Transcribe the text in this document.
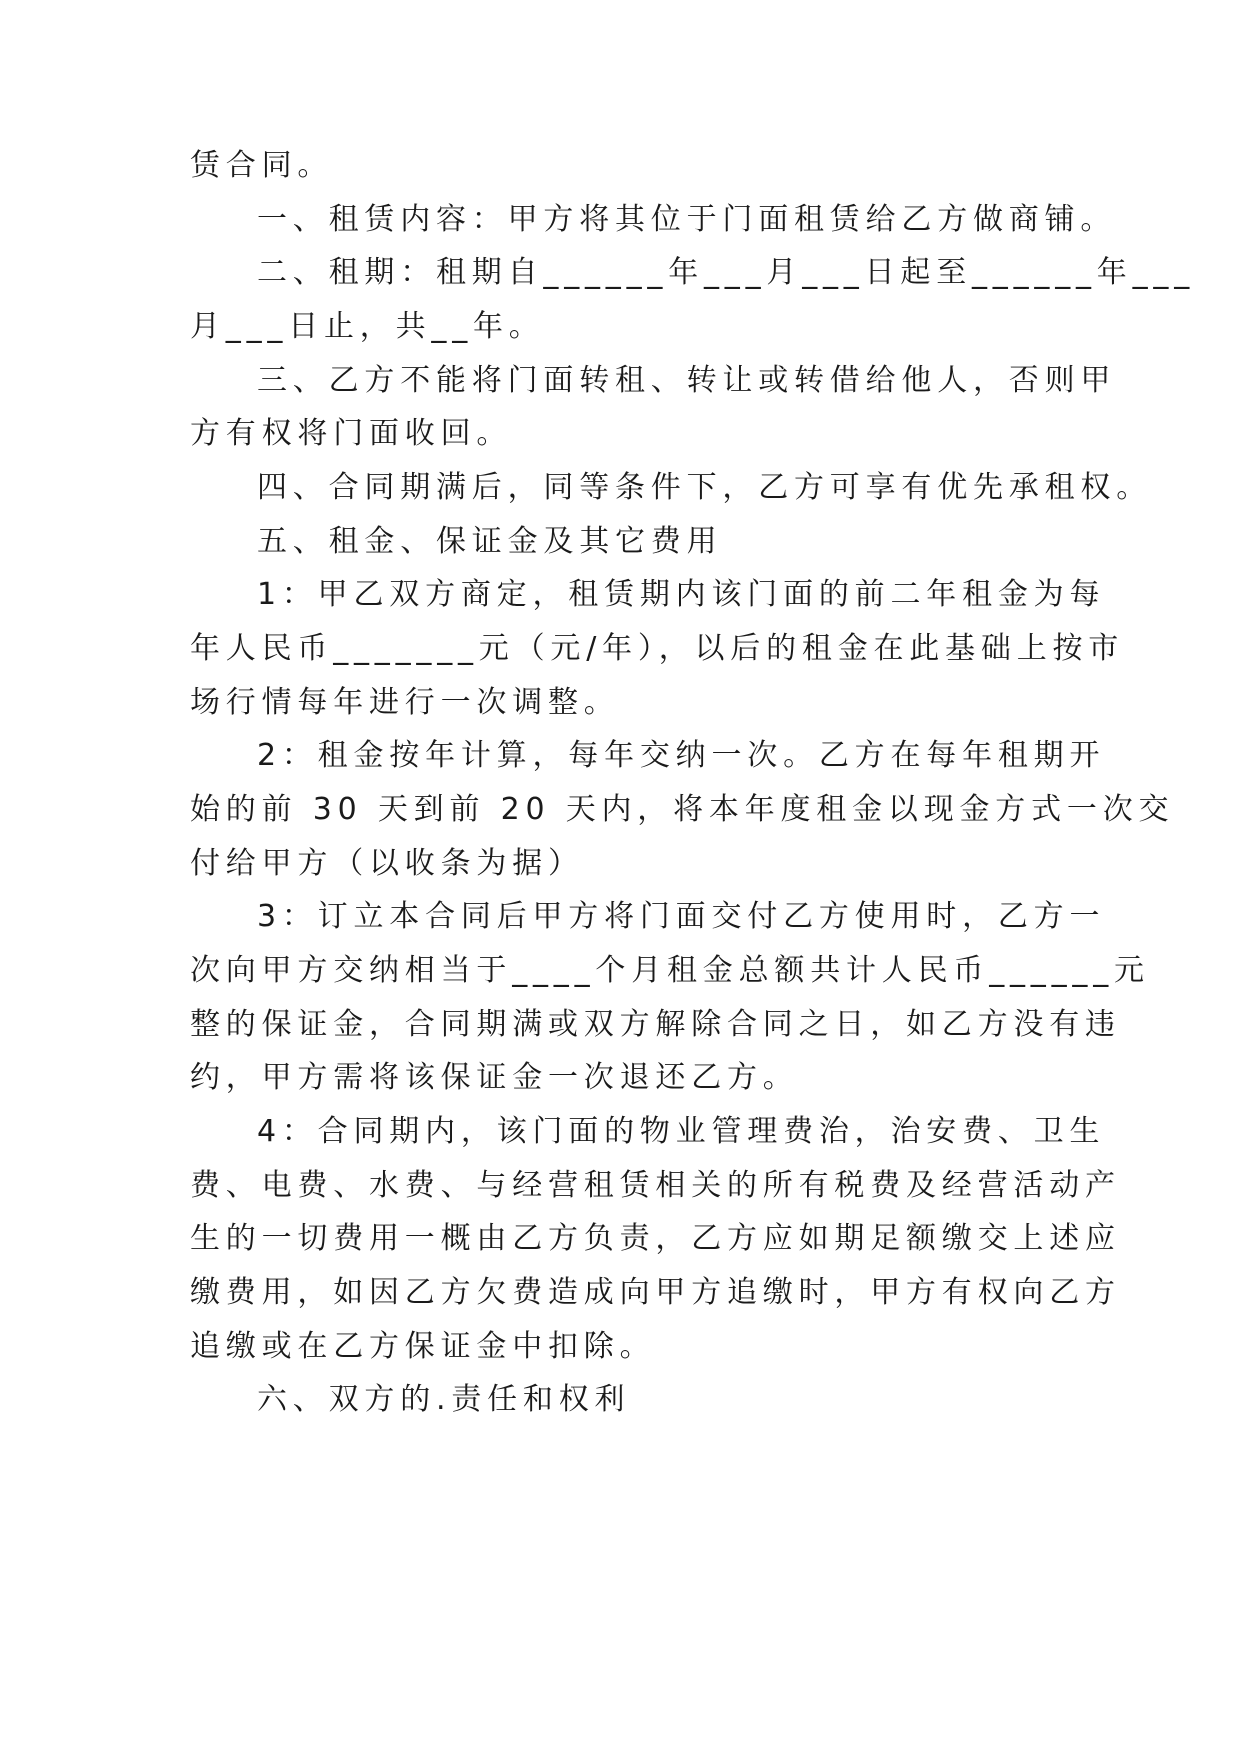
赁合同。

一、租赁内容：甲方将其位于门面租赁给乙方做商铺。

二、租期：租期自______年___月___日起至______年___

月___日止，共__年。

三、乙方不能将门面转租、转让或转借给他人，否则甲

方有权将门面收回。

四、合同期满后，同等条件下，乙方可享有优先承租权。

五、租金、保证金及其它费用

1：甲乙双方商定，租赁期内该门面的前二年租金为每

年人民币_______元（元/年），以后的租金在此基础上按市

场行情每年进行一次调整。

2：租金按年计算，每年交纳一次。乙方在每年租期开

始的前 30 天到前 20 天内，将本年度租金以现金方式一次交

付给甲方（以收条为据）

3：订立本合同后甲方将门面交付乙方使用时，乙方一

次向甲方交纳相当于____个月租金总额共计人民币______元

整的保证金，合同期满或双方解除合同之日，如乙方没有违

约，甲方需将该保证金一次退还乙方。

4：合同期内，该门面的物业管理费治，治安费、卫生

费、电费、水费、与经营租赁相关的所有税费及经营活动产

生的一切费用一概由乙方负责，乙方应如期足额缴交上述应

缴费用，如因乙方欠费造成向甲方追缴时，甲方有权向乙方

追缴或在乙方保证金中扣除。

六、双方的.责任和权利
